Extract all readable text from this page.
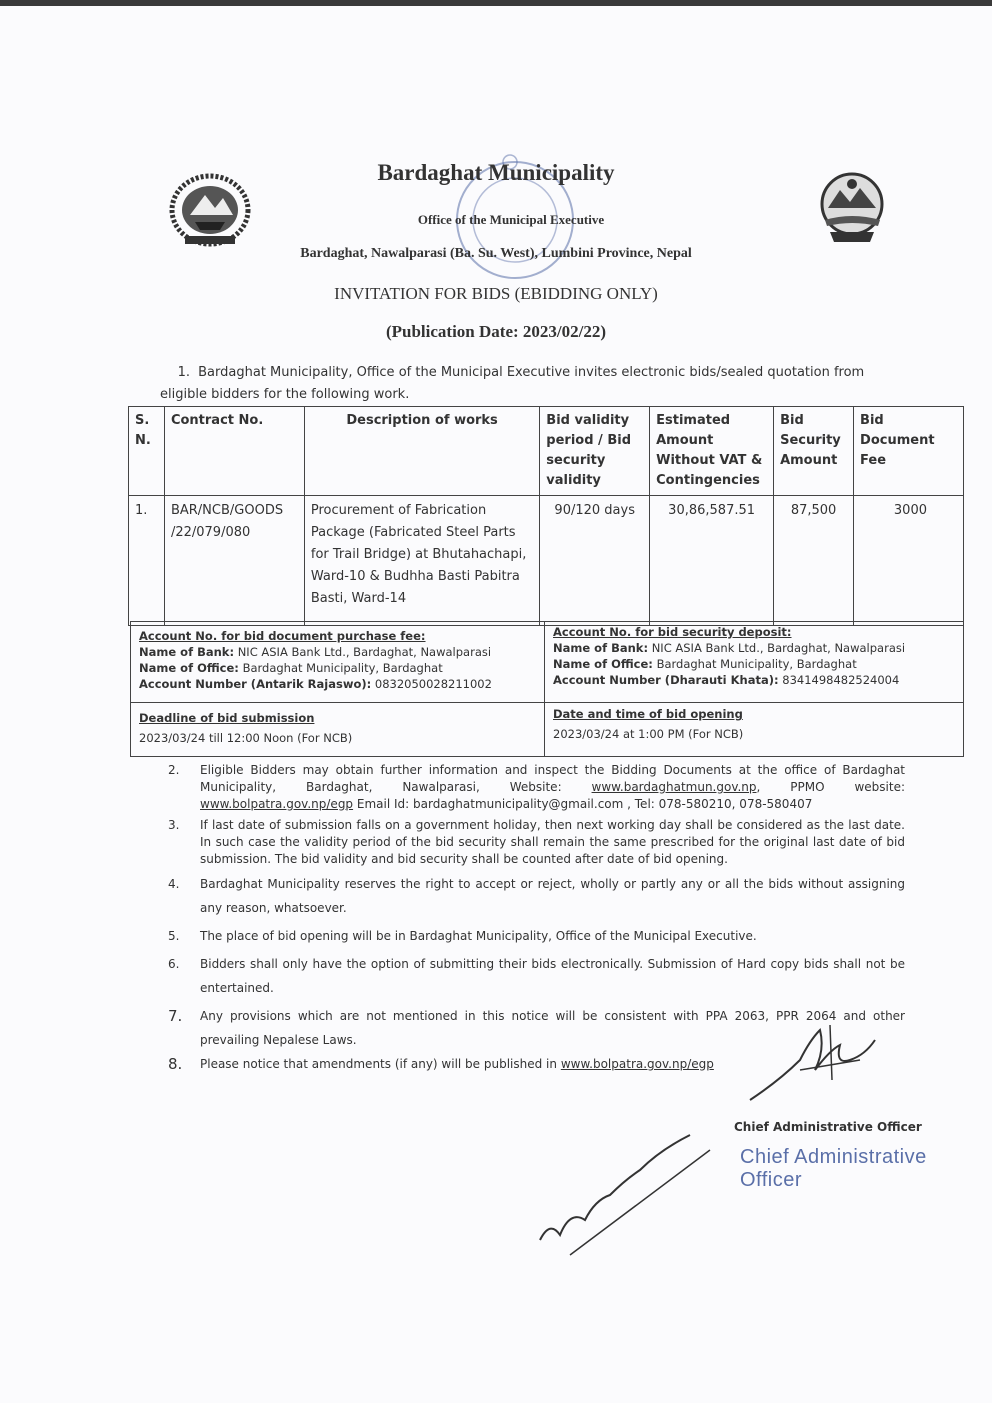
Bardaghat Municipality
Office of the Municipal Executive
Bardaghat, Nawalparasi (Ba. Su. West), Lumbini Province, Nepal
INVITATION FOR BIDS (EBIDDING ONLY)
(Publication Date: 2023/02/22)
1. Bardaghat Municipality, Office of the Municipal Executive invites electronic bids/sealed quotation from eligible bidders for the following work.
S. N.	Contract No.	Description of works	Bid validity period / Bid security validity	Estimated Amount Without VAT & Contingencies	Bid Security Amount	Bid Document Fee
1.	BAR/NCB/GOODS /22/079/080	Procurement of Fabrication Package (Fabricated Steel Parts for Trail Bridge) at Bhutahachapi, Ward-10 & Budhha Basti Pabitra Basti, Ward-14	90/120 days	30,86,587.51	87,500	3000
Account No. for bid document purchase fee:
Name of Bank: NIC ASIA Bank Ltd., Bardaghat, Nawalparasi
Name of Office: Bardaghat Municipality, Bardaghat
Account Number (Antarik Rajaswo): 0832050028211002
Account No. for bid security deposit:
Name of Bank: NIC ASIA Bank Ltd., Bardaghat, Nawalparasi
Name of Office: Bardaghat Municipality, Bardaghat
Account Number (Dharauti Khata): 8341498482524004
Deadline of bid submission
2023/03/24 till 12:00 Noon (For NCB)
Date and time of bid opening
2023/03/24 at 1:00 PM (For NCB)
2.	Eligible Bidders may obtain further information and inspect the Bidding Documents at the office of Bardaghat Municipality, Bardaghat, Nawalparasi, Website: www.bardaghatmun.gov.np, PPMO website: www.bolpatra.gov.np/egp Email Id: bardaghatmunicipality@gmail.com , Tel: 078-580210, 078-580407
3.	If last date of submission falls on a government holiday, then next working day shall be considered as the last date. In such case the validity period of the bid security shall remain the same prescribed for the original last date of bid submission. The bid validity and bid security shall be counted after date of bid opening.
4.	Bardaghat Municipality reserves the right to accept or reject, wholly or partly any or all the bids without assigning any reason, whatsoever.
5.	The place of bid opening will be in Bardaghat Municipality, Office of the Municipal Executive.
6.	Bidders shall only have the option of submitting their bids electronically. Submission of Hard copy bids shall not be entertained.
7.	Any provisions which are not mentioned in this notice will be consistent with PPA 2063, PPR 2064 and other prevailing Nepalese Laws.
8.	Please notice that amendments (if any) will be published in www.bolpatra.gov.np/egp
Chief Administrative Officer
Chief Administrative Officer
